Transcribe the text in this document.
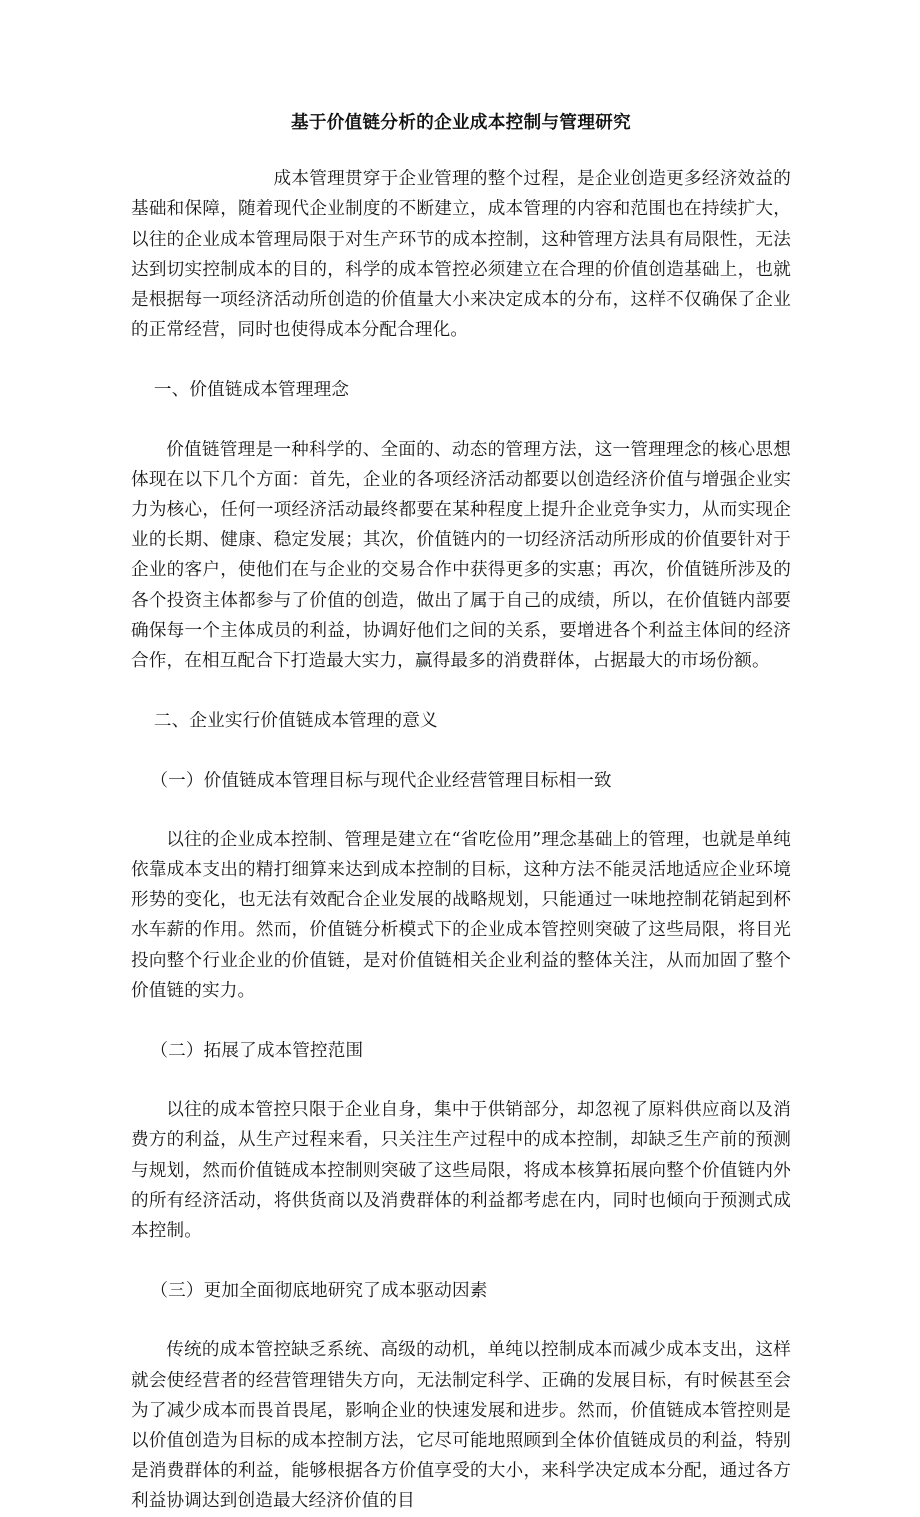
基于价值链分析的企业成本控制与管理研究

成本管理贯穿于企业管理的整个过程，是企业创造更多经济效益的基础和保障，随着现代企业制度的不断建立，成本管理的内容和范围也在持续扩大，以往的企业成本管理局限于对生产环节的成本控制，这种管理方法具有局限性，无法达到切实控制成本的目的，科学的成本管控必须建立在合理的价值创造基础上，也就是根据每一项经济活动所创造的价值量大小来决定成本的分布，这样不仅确保了企业的正常经营，同时也使得成本分配合理化。

一、价值链成本管理理念

价值链管理是一种科学的、全面的、动态的管理方法，这一管理理念的核心思想体现在以下几个方面：首先，企业的各项经济活动都要以创造经济价值与增强企业实力为核心，任何一项经济活动最终都要在某种程度上提升企业竞争实力，从而实现企业的长期、健康、稳定发展；其次，价值链内的一切经济活动所形成的价值要针对于企业的客户，使他们在与企业的交易合作中获得更多的实惠；再次，价值链所涉及的各个投资主体都参与了价值的创造，做出了属于自己的成绩，所以，在价值链内部要确保每一个主体成员的利益，协调好他们之间的关系，要增进各个利益主体间的经济合作，在相互配合下打造最大实力，赢得最多的消费群体，占据最大的市场份额。

二、企业实行价值链成本管理的意义
（一）价值链成本管理目标与现代企业经营管理目标相一致

以往的企业成本控制、管理是建立在“省吃俭用”理念基础上的管理，也就是单纯依靠成本支出的精打细算来达到成本控制的目标，这种方法不能灵活地适应企业环境形势的变化，也无法有效配合企业发展的战略规划，只能通过一味地控制花销起到杯水车薪的作用。然而，价值链分析模式下的企业成本管控则突破了这些局限，将目光投向整个行业企业的价值链，是对价值链相关企业利益的整体关注，从而加固了整个价值链的实力。

（二）拓展了成本管控范围

以往的成本管控只限于企业自身，集中于供销部分，却忽视了原料供应商以及消费方的利益，从生产过程来看，只关注生产过程中的成本控制，却缺乏生产前的预测与规划，然而价值链成本控制则突破了这些局限，将成本核算拓展向整个价值链内外的所有经济活动，将供货商以及消费群体的利益都考虑在内，同时也倾向于预测式成本控制。

（三）更加全面彻底地研究了成本驱动因素

传统的成本管控缺乏系统、高级的动机，单纯以控制成本而减少成本支出，这样就会使经营者的经营管理错失方向，无法制定科学、正确的发展目标，有时候甚至会为了减少成本而畏首畏尾，影响企业的快速发展和进步。然而，价值链成本管控则是以价值创造为目标的成本控制方法，它尽可能地照顾到全体价值链成员的利益，特别是消费群体的利益，能够根据各方价值享受的大小，来科学决定成本分配，通过各方利益协调达到创造最大经济价值的目
